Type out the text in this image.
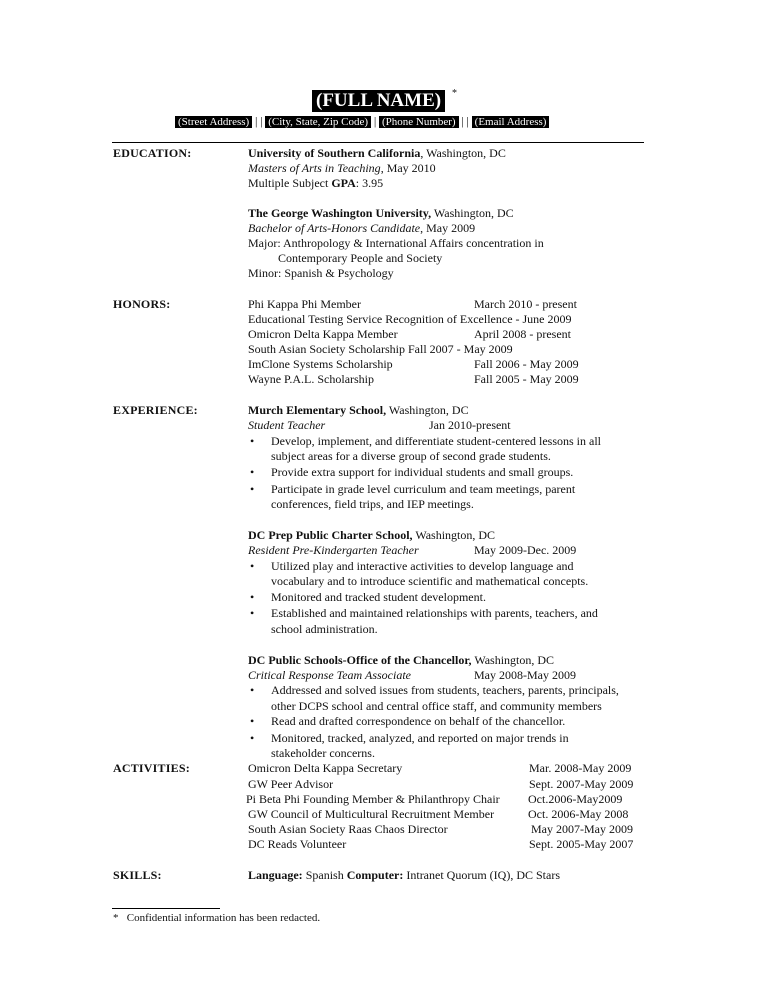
(FULL NAME)	*
(Street Address) | | (City, State, Zip Code) | (Phone Number) | | (Email Address)
EDUCATION:	University of Southern California, Washington, DC
Masters of Arts in Teaching, May 2010
Multiple Subject GPA: 3.95
The George Washington University, Washington, DC
Bachelor of Arts-Honors Candidate, May 2009
Major: Anthropology & International Affairs concentration in
Contemporary People and Society
Minor: Spanish & Psychology
HONORS:	Phi Kappa Phi Member	March 2010 - present
Educational Testing Service Recognition of Excellence - June 2009
Omicron Delta Kappa Member	April 2008 - present
South Asian Society Scholarship Fall 2007 - May 2009
ImClone Systems Scholarship	Fall 2006 - May 2009
Wayne P.A.L. Scholarship	Fall 2005 - May 2009
EXPERIENCE:	Murch Elementary School, Washington, DC
Student Teacher	Jan 2010-present
• Develop, implement, and differentiate student-centered lessons in all
subject areas for a diverse group of second grade students.
• Provide extra support for individual students and small groups.
• Participate in grade level curriculum and team meetings, parent
conferences, field trips, and IEP meetings.
DC Prep Public Charter School, Washington, DC
Resident Pre-Kindergarten Teacher	May 2009-Dec. 2009
• Utilized play and interactive activities to develop language and
vocabulary and to introduce scientific and mathematical concepts.
• Monitored and tracked student development.
• Established and maintained relationships with parents, teachers, and
school administration.
DC Public Schools-Office of the Chancellor, Washington, DC
Critical Response Team Associate	May 2008-May 2009
• Addressed and solved issues from students, teachers, parents, principals,
other DCPS school and central office staff, and community members
• Read and drafted correspondence on behalf of the chancellor.
• Monitored, tracked, analyzed, and reported on major trends in
stakeholder concerns.
ACTIVITIES:	Omicron Delta Kappa Secretary	Mar. 2008-May 2009
GW Peer Advisor	Sept. 2007-May 2009
Pi Beta Phi Founding Member & Philanthropy Chair Oct.2006-May2009
GW Council of Multicultural Recruitment Member	Oct. 2006-May 2008
South Asian Society Raas Chaos Director	May 2007-May 2009
DC Reads Volunteer	Sept. 2005-May 2007
SKILLS:	Language: Spanish Computer: Intranet Quorum (IQ), DC Stars
* Confidential information has been redacted.
